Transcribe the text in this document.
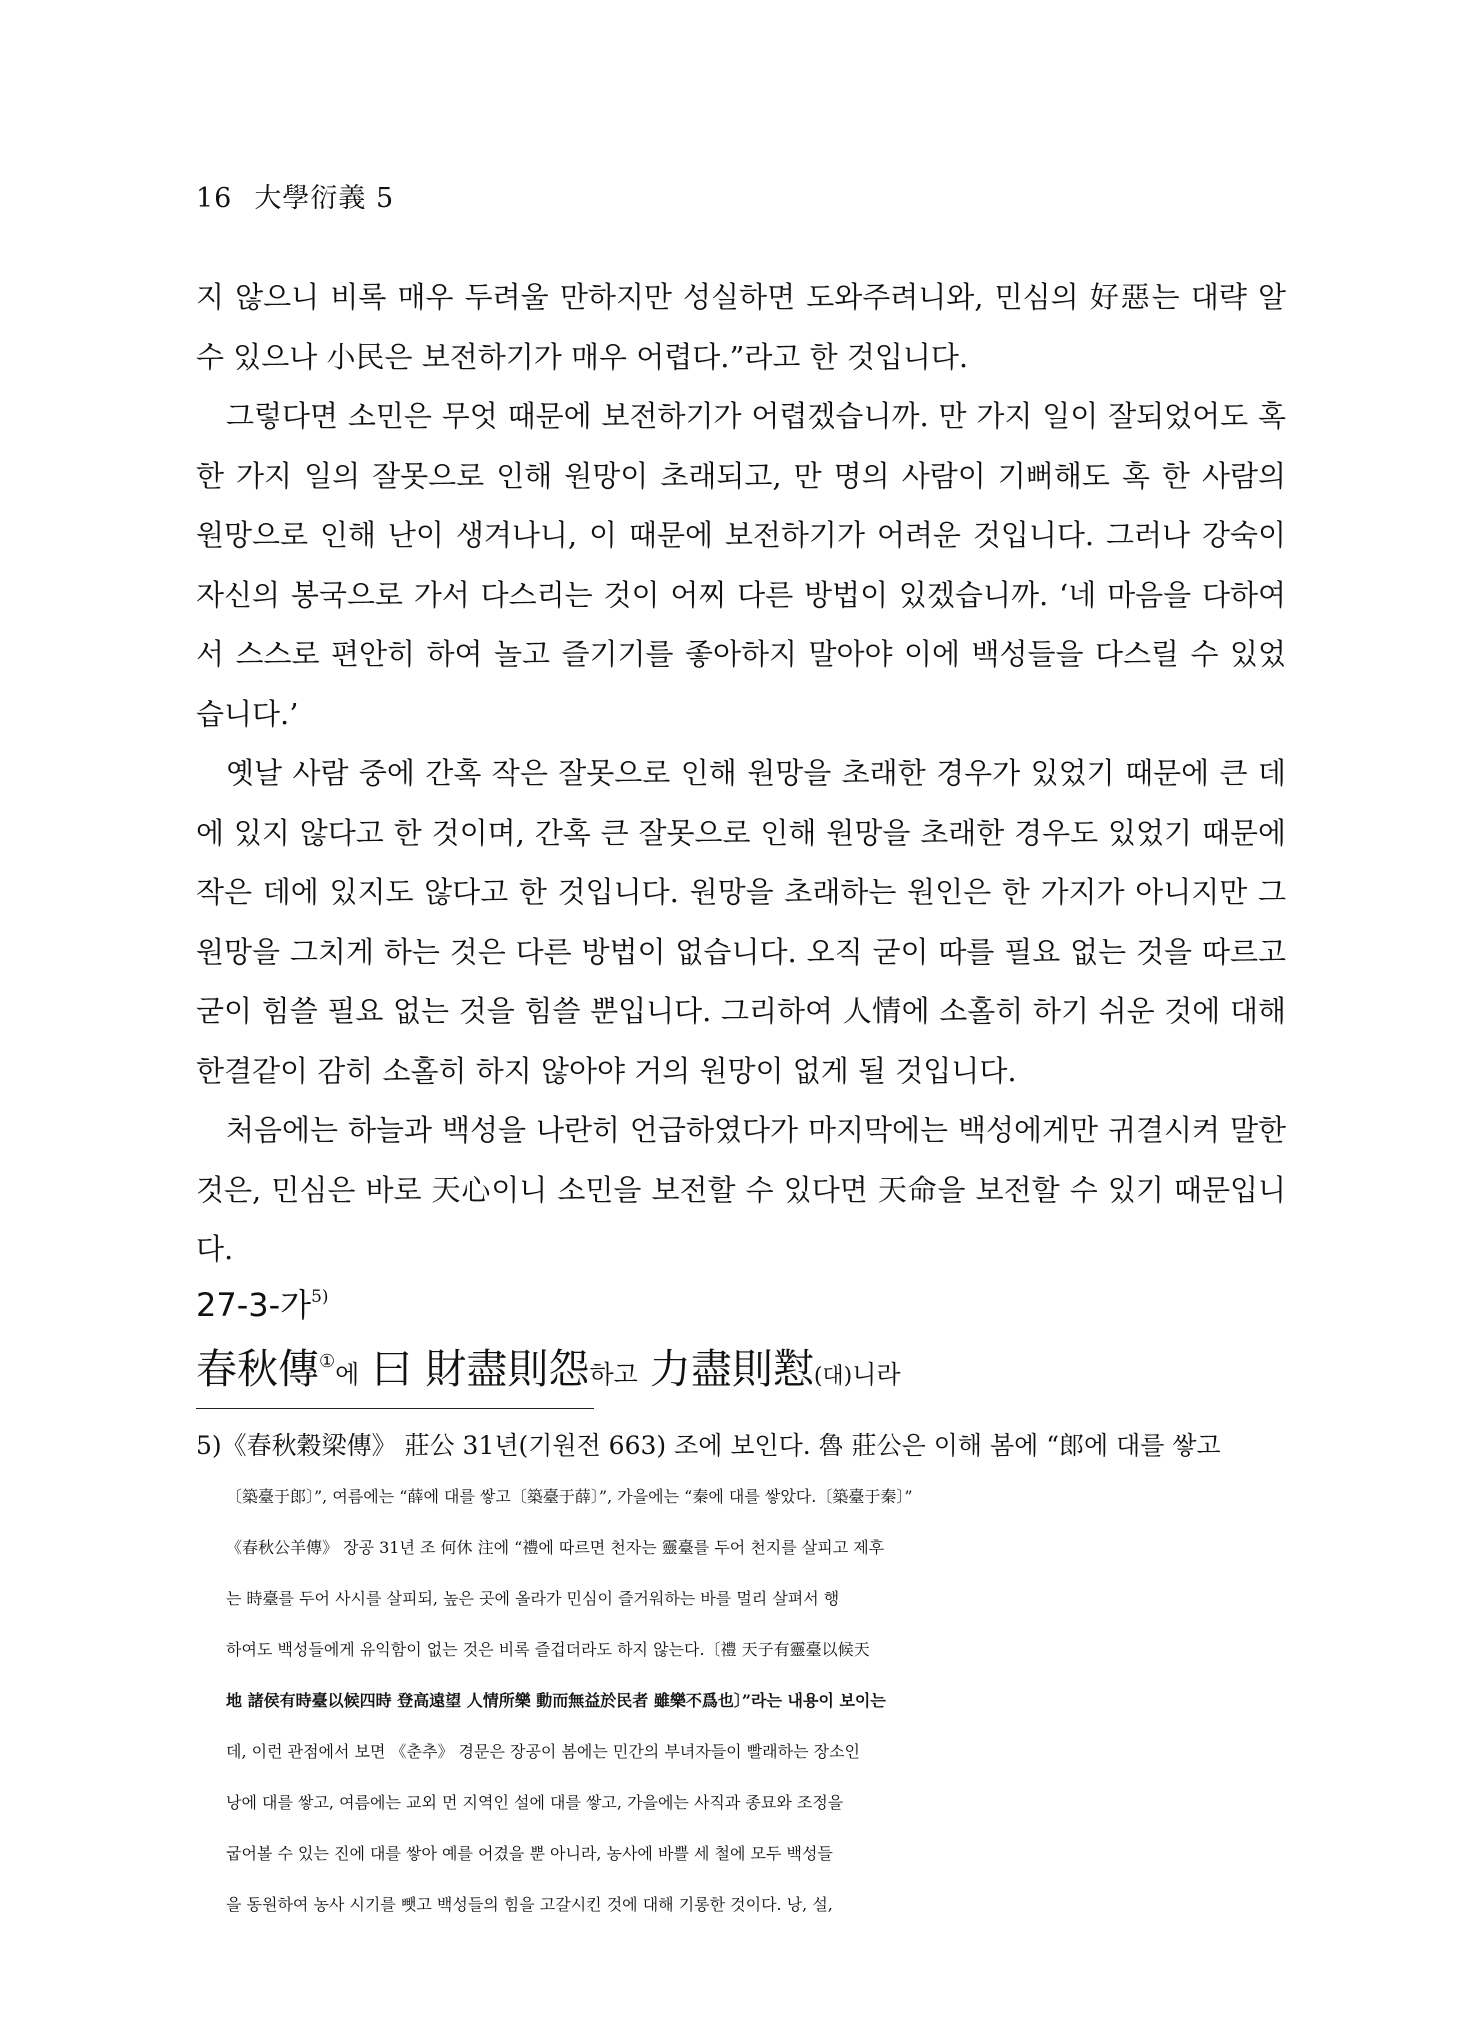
16 大學衍義 5

지 않으니 비록 매우 두려울 만하지만 성실하면 도와주려니와, 민심의 好惡는 대략 알 수 있으나 小民은 보전하기가 매우 어렵다.”라고 한 것입니다.

그렇다면 소민은 무엇 때문에 보전하기가 어렵겠습니까. 만 가지 일이 잘되었어도 혹 한 가지 일의 잘못으로 인해 원망이 초래되고, 만 명의 사람이 기뻐해도 혹 한 사람의 원망으로 인해 난이 생겨나니, 이 때문에 보전하기가 어려운 것입니다. 그러나 강숙이 자신의 봉국으로 가서 다스리는 것이 어찌 다른 방법이 있겠습니까. ‘네 마음을 다하여서 스스로 편안히 하여 놀고 즐기기를 좋아하지 말아야 이에 백성들을 다스릴 수 있었습니다.’

옛날 사람 중에 간혹 작은 잘못으로 인해 원망을 초래한 경우가 있었기 때문에 큰 데에 있지 않다고 한 것이며, 간혹 큰 잘못으로 인해 원망을 초래한 경우도 있었기 때문에 작은 데에 있지도 않다고 한 것입니다. 원망을 초래하는 원인은 한 가지가 아니지만 그 원망을 그치게 하는 것은 다른 방법이 없습니다. 오직 굳이 따를 필요 없는 것을 따르고 굳이 힘쓸 필요 없는 것을 힘쓸 뿐입니다. 그리하여 人情에 소홀히 하기 쉬운 것에 대해 한결같이 감히 소홀히 하지 않아야 거의 원망이 없게 될 것입니다.

처음에는 하늘과 백성을 나란히 언급하였다가 마지막에는 백성에게만 귀결시켜 말한 것은, 민심은 바로 天心이니 소민을 보전할 수 있다면 天命을 보전할 수 있기 때문입니다.

27-3-가$^{5)}$
春秋傳①에 曰 財盡則怨하고 力盡則懟(대)니라
5)《春秋穀梁傳》 莊公 31년(기원전 663) 조에 보인다. 魯 莊公은 이해 봄에 “郎에 대를 쌓고
〔築臺于郎〕”, 여름에는 “薛에 대를 쌓고〔築臺于薛〕”, 가을에는 “秦에 대를 쌓았다.〔築臺于秦〕”
《春秋公羊傳》 장공 31년 조 何休 注에 “禮에 따르면 천자는 靈臺를 두어 천지를 살피고 제후
는 時臺를 두어 사시를 살피되, 높은 곳에 올라가 민심이 즐거워하는 바를 멀리 살펴서 행
하여도 백성들에게 유익함이 없는 것은 비록 즐겁더라도 하지 않는다.〔禮 天子有靈臺以候天
地 諸侯有時臺以候四時 登高遠望 人情所樂 動而無益於民者 雖樂不爲也〕”라는 내용이 보이는
데, 이런 관점에서 보면 《춘추》 경문은 장공이 봄에는 민간의 부녀자들이 빨래하는 장소인
낭에 대를 쌓고, 여름에는 교외 먼 지역인 설에 대를 쌓고, 가을에는 사직과 종묘와 조정을
굽어볼 수 있는 진에 대를 쌓아 예를 어겼을 뿐 아니라, 농사에 바쁠 세 철에 모두 백성들
을 동원하여 농사 시기를 뺏고 백성들의 힘을 고갈시킨 것에 대해 기롱한 것이다. 낭, 설,
